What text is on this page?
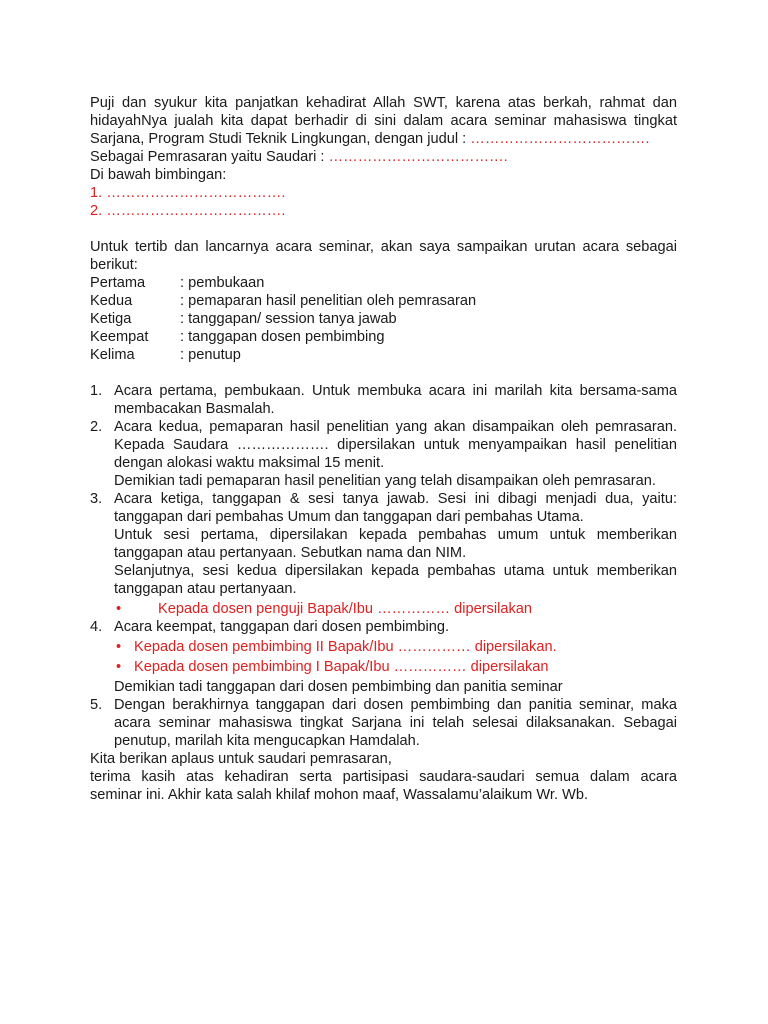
Puji dan syukur kita panjatkan kehadirat Allah SWT, karena atas berkah, rahmat dan

hidayahNya jualah kita dapat berhadir di sini dalam acara seminar mahasiswa tingkat

Sarjana, Program Studi Teknik Lingkungan, dengan judul : ……………………………….

Sebagai Pemrasaran yaitu Saudari : ……………………………….

Di bawah bimbingan:

1. ……………………………….

2. ……………………………….

Untuk tertib dan lancarnya acara seminar, akan saya sampaikan urutan acara sebagai

berikut:

Pertama	: pembukaan
Kedua	: pemaparan hasil penelitian oleh pemrasaran
Ketiga	: tanggapan/ session tanya jawab
Keempat	: tanggapan dosen pembimbing
Kelima	: penutup
1. Acara pertama, pembukaan. Untuk membuka acara ini marilah kita bersama-sama

membacakan Basmalah.

2. Acara kedua, pemaparan hasil penelitian yang akan disampaikan oleh pemrasaran.

Kepada Saudara ………………. dipersilakan untuk menyampaikan hasil penelitian

dengan alokasi waktu maksimal 15 menit.

Demikian tadi pemaparan hasil penelitian yang telah disampaikan oleh pemrasaran.

3. Acara ketiga, tanggapan & sesi tanya jawab. Sesi ini dibagi menjadi dua, yaitu:

tanggapan dari pembahas Umum dan tanggapan dari pembahas Utama.

Untuk sesi pertama, dipersilakan kepada pembahas umum untuk memberikan

tanggapan atau pertanyaan. Sebutkan nama dan NIM.

Selanjutnya, sesi kedua dipersilakan kepada pembahas utama untuk memberikan

tanggapan atau pertanyaan.

•	Kepada dosen penguji Bapak/Ibu …………… dipersilakan
4. Acara keempat, tanggapan dari dosen pembimbing.

• Kepada dosen pembimbing II Bapak/Ibu …………… dipersilakan.
• Kepada dosen pembimbing I Bapak/Ibu …………… dipersilakan

Demikian tadi tanggapan dari dosen pembimbing dan panitia seminar

5. Dengan berakhirnya tanggapan dari dosen pembimbing dan panitia seminar, maka

acara seminar mahasiswa tingkat Sarjana ini telah selesai dilaksanakan. Sebagai

penutup, marilah kita mengucapkan Hamdalah.

Kita berikan aplaus untuk saudari pemrasaran,

terima kasih atas kehadiran serta partisipasi saudara-saudari semua dalam acara

seminar ini. Akhir kata salah khilaf mohon maaf, Wassalamu’alaikum Wr. Wb.
